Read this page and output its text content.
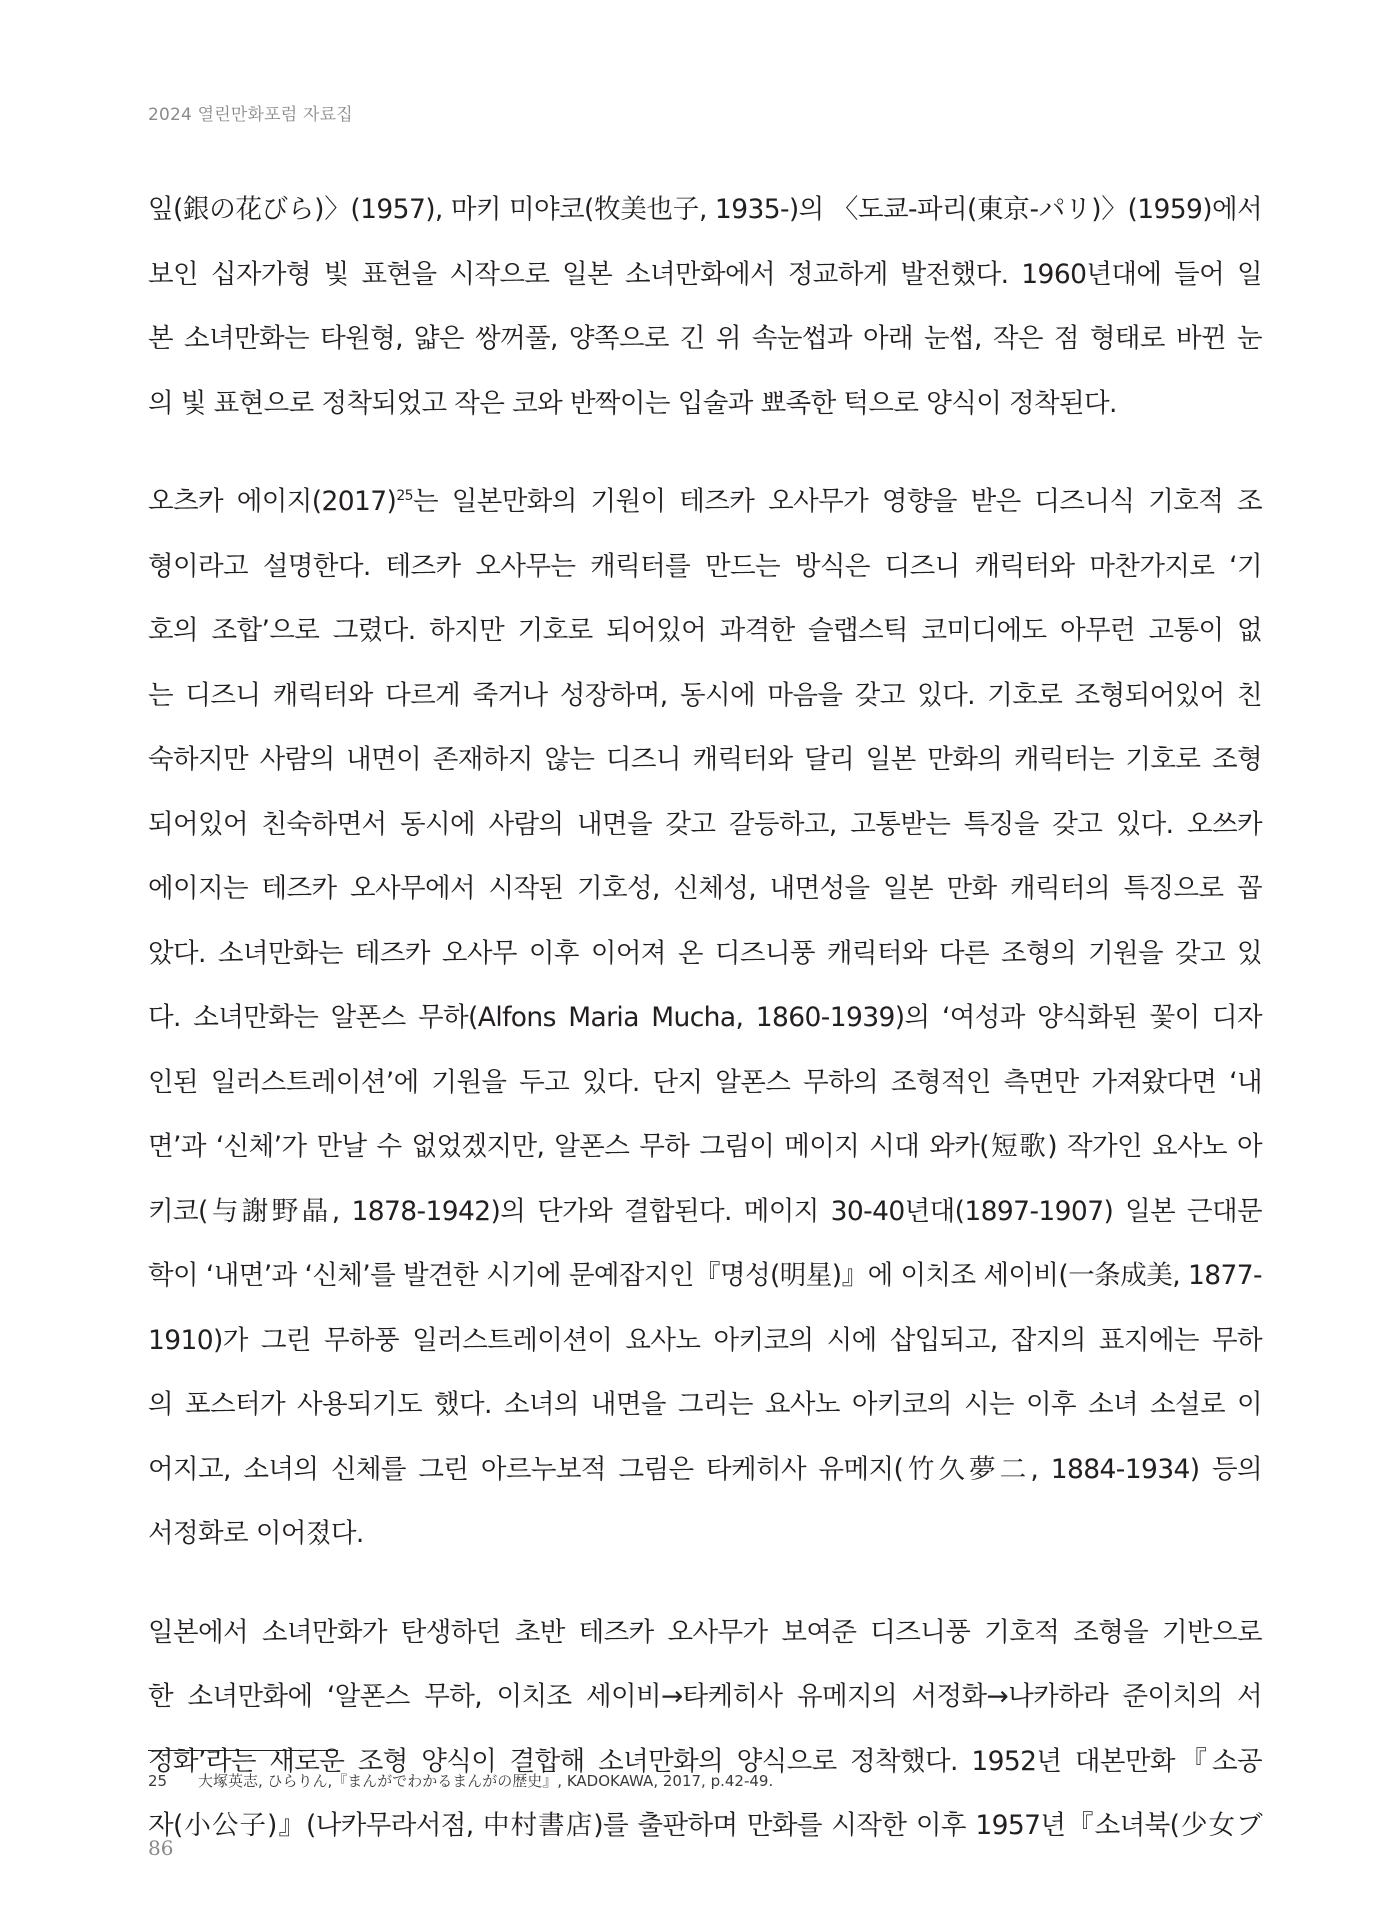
2024 열린만화포럼 자료집
잎(銀の花びら)〉(1957), 마키 미야코(牧美也子, 1935-)의 〈도쿄-파리(東京-パリ)〉(1959)에서
보인 십자가형 빛 표현을 시작으로 일본 소녀만화에서 정교하게 발전했다. 1960년대에 들어 일
본 소녀만화는 타원형, 얇은 쌍꺼풀, 양쪽으로 긴 위 속눈썹과 아래 눈썹, 작은 점 형태로 바뀐 눈
의 빛 표현으로 정착되었고 작은 코와 반짝이는 입술과 뾰족한 턱으로 양식이 정착된다.
오츠카 에이지$(2017)^{25}$는 일본만화의 기원이 테즈카 오사무가 영향을 받은 디즈니식 기호적 조
형이라고 설명한다. 테즈카 오사무는 캐릭터를 만드는 방식은 디즈니 캐릭터와 마찬가지로 ‘기
호의 조합’으로 그렸다. 하지만 기호로 되어있어 과격한 슬랩스틱 코미디에도 아무런 고통이 없
는 디즈니 캐릭터와 다르게 죽거나 성장하며, 동시에 마음을 갖고 있다. 기호로 조형되어있어 친
숙하지만 사람의 내면이 존재하지 않는 디즈니 캐릭터와 달리 일본 만화의 캐릭터는 기호로 조형
되어있어 친숙하면서 동시에 사람의 내면을 갖고 갈등하고, 고통받는 특징을 갖고 있다. 오쓰카
에이지는 테즈카 오사무에서 시작된 기호성, 신체성, 내면성을 일본 만화 캐릭터의 특징으로 꼽
았다. 소녀만화는 테즈카 오사무 이후 이어져 온 디즈니풍 캐릭터와 다른 조형의 기원을 갖고 있
다. 소녀만화는 알폰스 무하(Alfons Maria Mucha, 1860-1939)의 ‘여성과 양식화된 꽃이 디자
인된 일러스트레이션’에 기원을 두고 있다. 단지 알폰스 무하의 조형적인 측면만 가져왔다면 ‘내
면’과 ‘신체’가 만날 수 없었겠지만, 알폰스 무하 그림이 메이지 시대 와카(短歌) 작가인 요사노 아
키코(与謝野晶, 1878-1942)의 단가와 결합된다. 메이지 30-40년대(1897-1907) 일본 근대문
학이 ‘내면’과 ‘신체’를 발견한 시기에 문예잡지인『명성(明星)』에 이치조 세이비(一条成美, 1877-
1910)가 그린 무하풍 일러스트레이션이 요사노 아키코의 시에 삽입되고, 잡지의 표지에는 무하
의 포스터가 사용되기도 했다. 소녀의 내면을 그리는 요사노 아키코의 시는 이후 소녀 소설로 이
어지고, 소녀의 신체를 그린 아르누보적 그림은 타케히사 유메지(竹久夢二, 1884-1934) 등의
서정화로 이어졌다.
일본에서 소녀만화가 탄생하던 초반 테즈카 오사무가 보여준 디즈니풍 기호적 조형을 기반으로
한 소녀만화에 ‘알폰스 무하, 이치조 세이비→타케히사 유메지의 서정화→나카하라 준이치의 서
정화’라는 새로운 조형 양식이 결합해 소녀만화의 양식으로 정착했다. 1952년 대본만화『소공
자(小公子)』(나카무라서점, 中村書店)를 출판하며 만화를 시작한 이후 1957년『소녀북(少女ブ
25 大塚英志, ひらりん,『まんがでわかるまんがの歴史』, KADOKAWA, 2017, p.42-49.
86
